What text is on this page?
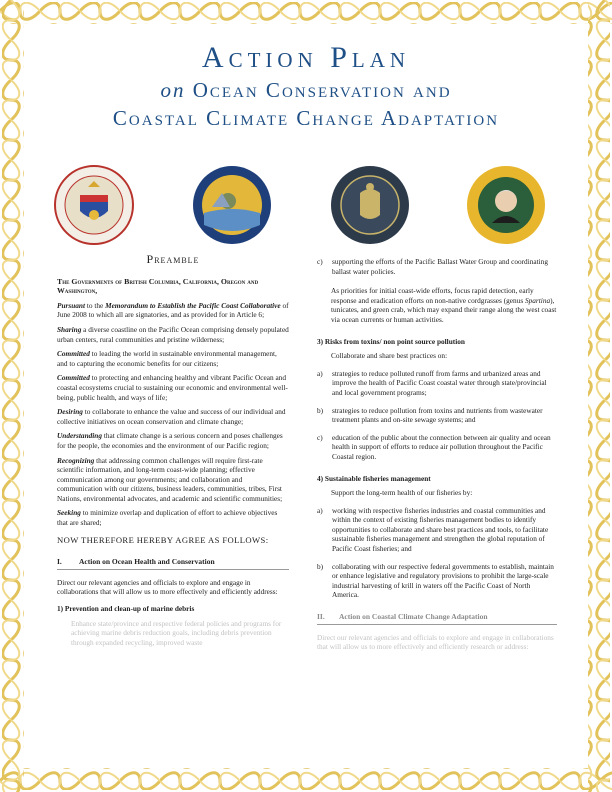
Action Plan
on Ocean Conservation and
Coastal Climate Change Adaptation

Preamble

The Governments of British Columbia, California, Oregon and Washington,

Pursuant to the Memorandum to Establish the Pacific Coast Collaborative of June 2008 to which all are signatories, and as provided for in Article 6;

Sharing a diverse coastline on the Pacific Ocean comprising densely populated urban centers, rural communities and pristine wilderness;

Committed to leading the world in sustainable environmental management, and to capturing the economic benefits for our citizens;

Committed to protecting and enhancing healthy and vibrant Pacific Ocean and coastal ecosystems crucial to sustaining our economic and environmental well-being, public health, and ways of life;

Desiring to collaborate to enhance the value and success of our individual and collective initiatives on ocean conservation and climate change;

Understanding that climate change is a serious concern and poses challenges for the people, the economies and the environment of our Pacific region;

Recognizing that addressing common challenges will require first-rate scientific information, and long-term coast-wide planning; effective communication among our governments; and collaboration and communication with our citizens, business leaders, communities, tribes, First Nations, environmental advocates, and academic and scientific communities;

Seeking to minimize overlap and duplication of effort to achieve objectives that are shared;

NOW THEREFORE HEREBY AGREE AS FOLLOWS:

I.	Action on Ocean Health and Conservation

Direct our relevant agencies and officials to explore and engage in collaborations that will allow us to more effectively and efficiently address:

1) Prevention and clean-up of marine debris

Enhance state/province and respective federal policies and programs for achieving marine debris reduction goals, including debris prevention through expanded recycling, improved waste

c)	supporting the efforts of the Pacific Ballast Water Group and coordinating ballast water policies.

As priorities for initial coast-wide efforts, focus rapid detection, early response and eradication efforts on non-native cordgrasses (genus Spartina), tunicates, and green crab, which may expand their range along the west coast via ocean currents or human activities.

3) Risks from toxins/ non point source pollution

Collaborate and share best practices on:

a)	strategies to reduce polluted runoff from farms and urbanized areas and improve the health of Pacific Coast coastal water through state/provincial and local government programs;
b)	strategies to reduce pollution from toxins and nutrients from wastewater treatment plants and on-site sewage systems; and
c)	education of the public about the connection between air quality and ocean health in support of efforts to reduce air pollution throughout the Pacific Coastal region.

4) Sustainable fisheries management

Support the long-term health of our fisheries by:

a)	working with respective fisheries industries and coastal communities and within the context of existing fisheries management bodies to identify opportunities to collaborate and share best practices and tools, to facilitate sustainable fisheries management and strengthen the global reputation of Pacific Coast fisheries; and
b)	collaborating with our respective federal governments to establish, maintain or enhance legislative and regulatory provisions to prohibit the large-scale industrial harvesting of krill in waters off the Pacific Coast of North America.

II.	Action on Coastal Climate Change Adaptation

Direct our relevant agencies and officials to explore and engage in collaborations that will allow us to more effectively and efficiently research or address:
